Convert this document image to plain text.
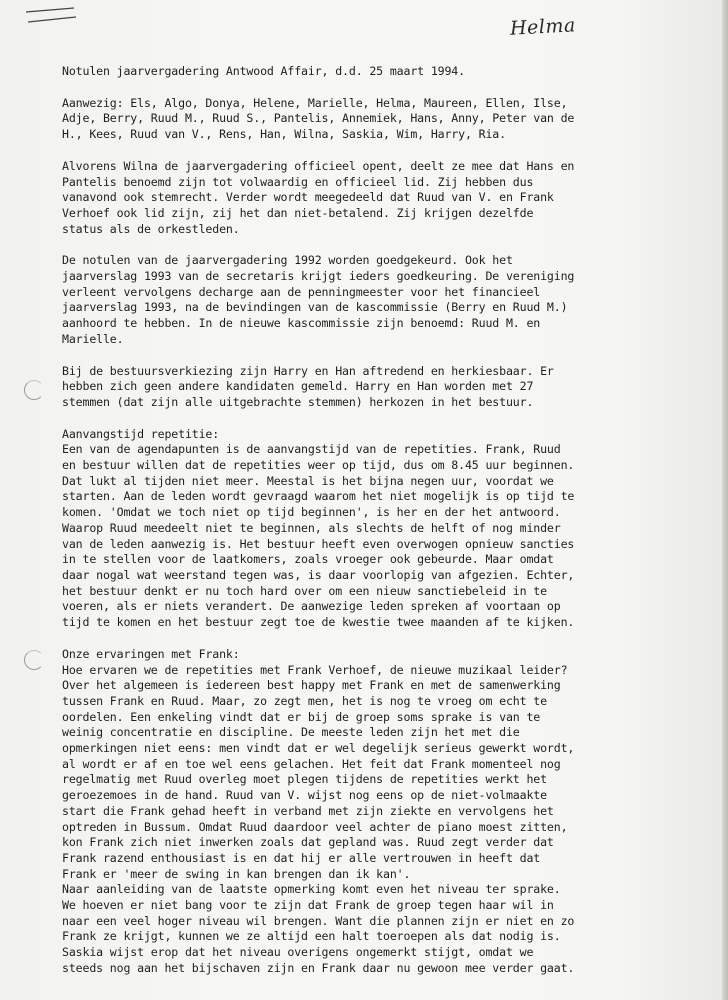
Helma

Notulen jaarvergadering Antwood Affair, d.d. 25 maart 1994.

Aanwezig: Els, Algo, Donya, Helene, Marielle, Helma, Maureen, Ellen, Ilse,
Adje, Berry, Ruud M., Ruud S., Pantelis, Annemiek, Hans, Anny, Peter van de
H., Kees, Ruud van V., Rens, Han, Wilna, Saskia, Wim, Harry, Ria.

Alvorens Wilna de jaarvergadering officieel opent, deelt ze mee dat Hans en
Pantelis benoemd zijn tot volwaardig en officieel lid. Zij hebben dus
vanavond ook stemrecht. Verder wordt meegedeeld dat Ruud van V. en Frank
Verhoef ook lid zijn, zij het dan niet-betalend. Zij krijgen dezelfde
status als de orkestleden.

De notulen van de jaarvergadering 1992 worden goedgekeurd. Ook het
jaarverslag 1993 van de secretaris krijgt ieders goedkeuring. De vereniging
verleent vervolgens decharge aan de penningmeester voor het financieel
jaarverslag 1993, na de bevindingen van de kascommissie (Berry en Ruud M.)
aanhoord te hebben. In de nieuwe kascommissie zijn benoemd: Ruud M. en
Marielle.

Bij de bestuursverkiezing zijn Harry en Han aftredend en herkiesbaar. Er
hebben zich geen andere kandidaten gemeld. Harry en Han worden met 27
stemmen (dat zijn alle uitgebrachte stemmen) herkozen in het bestuur.

Aanvangstijd repetitie:

Een van de agendapunten is de aanvangstijd van de repetities. Frank, Ruud
en bestuur willen dat de repetities weer op tijd, dus om 8.45 uur beginnen.
Dat lukt al tijden niet meer. Meestal is het bijna negen uur, voordat we
starten. Aan de leden wordt gevraagd waarom het niet mogelijk is op tijd te
komen. 'Omdat we toch niet op tijd beginnen', is her en der het antwoord.
Waarop Ruud meedeelt niet te beginnen, als slechts de helft of nog minder
van de leden aanwezig is. Het bestuur heeft even overwogen opnieuw sancties
in te stellen voor de laatkomers, zoals vroeger ook gebeurde. Maar omdat
daar nogal wat weerstand tegen was, is daar voorlopig van afgezien. Echter,
het bestuur denkt er nu toch hard over om een nieuw sanctiebeleid in te
voeren, als er niets verandert. De aanwezige leden spreken af voortaan op
tijd te komen en het bestuur zegt toe de kwestie twee maanden af te kijken.

Onze ervaringen met Frank:

Hoe ervaren we de repetities met Frank Verhoef, de nieuwe muzikaal leider?
Over het algemeen is iedereen best happy met Frank en met de samenwerking
tussen Frank en Ruud. Maar, zo zegt men, het is nog te vroeg om echt te
oordelen. Een enkeling vindt dat er bij de groep soms sprake is van te
weinig concentratie en discipline. De meeste leden zijn het met die
opmerkingen niet eens: men vindt dat er wel degelijk serieus gewerkt wordt,
al wordt er af en toe wel eens gelachen. Het feit dat Frank momenteel nog
regelmatig met Ruud overleg moet plegen tijdens de repetities werkt het
geroezemoes in de hand. Ruud van V. wijst nog eens op de niet-volmaakte
start die Frank gehad heeft in verband met zijn ziekte en vervolgens het
optreden in Bussum. Omdat Ruud daardoor veel achter de piano moest zitten,
kon Frank zich niet inwerken zoals dat gepland was. Ruud zegt verder dat
Frank razend enthousiast is en dat hij er alle vertrouwen in heeft dat
Frank er 'meer de swing in kan brengen dan ik kan'.
Naar aanleiding van de laatste opmerking komt even het niveau ter sprake.
We hoeven er niet bang voor te zijn dat Frank de groep tegen haar wil in
naar een veel hoger niveau wil brengen. Want die plannen zijn er niet en zo
Frank ze krijgt, kunnen we ze altijd een halt toeroepen als dat nodig is.
Saskia wijst erop dat het niveau overigens ongemerkt stijgt, omdat we
steeds nog aan het bijschaven zijn en Frank daar nu gewoon mee verder gaat.
